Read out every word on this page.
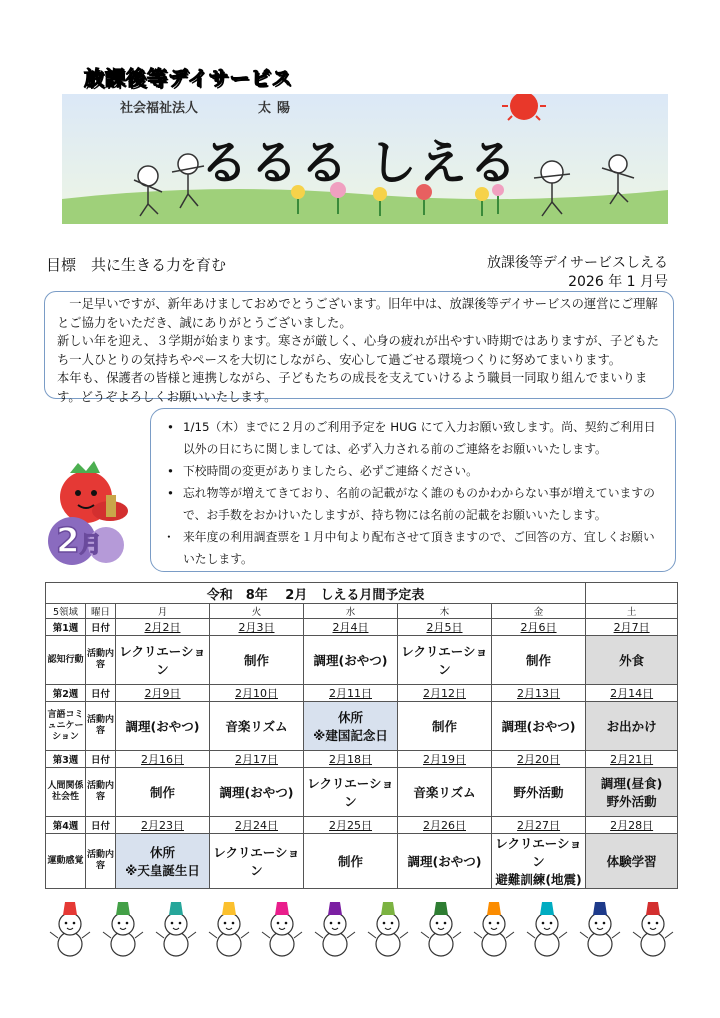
放課後等デイサービス
社会福祉法人	太陽
るるる しえる
目標　共に生きる力を育む	放課後等デイサービスしえる
2026 年 1 月号

　一足早いですが、新年あけましておめでとうございます。旧年中は、放課後等デイサービスの運営にご理解とご協力をいただき、誠にありがとうございました。

新しい年を迎え、３学期が始まります。寒さが厳しく、心身の疲れが出やすい時期ではありますが、子どもたち一人ひとりの気持ちやペースを大切にしながら、安心して過ごせる環境つくりに努めてまいります。

本年も、保護者の皆様と連携しながら、子どもたちの成長を支えていけるよう職員一同取り組んでまいります。どうぞよろしくお願いいたします。

2月
• 1/15（木）までに２月のご利用予定を HUG にて入力お願い致します。尚、契約ご利用日以外の日にちに関しましては、必ず入力される前のご連絡をお願いいたします。
• 下校時間の変更がありましたら、必ずご連絡ください。
• 忘れ物等が増えてきており、名前の記載がなく誰のものかわからない事が増えていますので、お手数をおかけいたしますが、持ち物には名前の記載をお願いいたします。
・ 来年度の利用調査票を１月中旬より配布させて頂きますので、ご回答の方、宜しくお願いいたします。
令和　8年　 2月　しえる月間予定表							
5領域	曜日	月	火	水	木	金	土
第1週	日付	2月2日	2月3日	2月4日	2月5日	2月6日	2月7日
認知行動	活動内容	レクリエーション	制作	調理(おやつ)	レクリエーション	制作	外食
第2週	日付	2月9日	2月10日	2月11日	2月12日	2月13日	2月14日
言語コミュニケーション	活動内容	調理(おやつ)	音楽リズム	休所
※建国記念日	制作	調理(おやつ)	お出かけ
第3週	日付	2月16日	2月17日	2月18日	2月19日	2月20日	2月21日
人間関係社会性	活動内容	制作	調理(おやつ)	レクリエーション	音楽リズム	野外活動	調理(昼食)
野外活動
第4週	日付	2月23日	2月24日	2月25日	2月26日	2月27日	2月28日
運動感覚	活動内容	休所
※天皇誕生日	レクリエーション	制作	調理(おやつ)	レクリエーション
避難訓練(地震)	体験学習
